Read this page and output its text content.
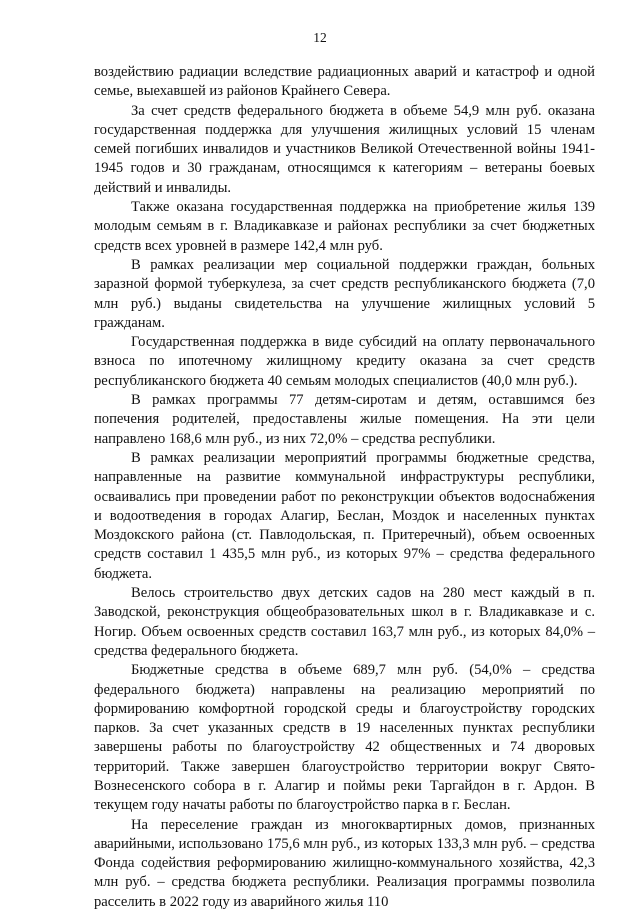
12

воздействию радиации вследствие радиационных аварий и катастроф и одной семье, выехавшей из районов Крайнего Севера.

За счет средств федерального бюджета в объеме 54,9 млн руб. оказана государственная поддержка для улучшения жилищных условий 15 членам семей погибших инвалидов и участников Великой Отечественной войны 1941-1945 годов и 30 гражданам, относящимся к категориям – ветераны боевых действий и инвалиды.

Также оказана государственная поддержка на приобретение жилья 139 молодым семьям в г. Владикавказе и районах республики за счет бюджетных средств всех уровней в размере 142,4 млн руб.

В рамках реализации мер социальной поддержки граждан, больных заразной формой туберкулеза, за счет средств республиканского бюджета (7,0 млн руб.) выданы свидетельства на улучшение жилищных условий 5 гражданам.

Государственная поддержка в виде субсидий на оплату первоначального взноса по ипотечному жилищному кредиту оказана за счет средств республиканского бюджета 40 семьям молодых специалистов (40,0 млн руб.).

В рамках программы 77 детям-сиротам и детям, оставшимся без попечения родителей, предоставлены жилые помещения. На эти цели направлено 168,6 млн руб., из них 72,0% – средства республики.

В рамках реализации мероприятий программы бюджетные средства, направленные на развитие коммунальной инфраструктуры республики, осваивались при проведении работ по реконструкции объектов водоснабжения и водоотведения в городах Алагир, Беслан, Моздок и населенных пунктах Моздокского района (ст. Павлодольская, п. Притеречный), объем освоенных средств составил 1 435,5 млн руб., из которых 97% – средства федерального бюджета.

Велось строительство двух детских садов на 280 мест каждый в п. Заводской, реконструкция общеобразовательных школ в г. Владикавказе и с. Ногир. Объем освоенных средств составил 163,7 млн руб., из которых 84,0% – средства федерального бюджета.

Бюджетные средства в объеме 689,7 млн руб. (54,0% – средства федерального бюджета) направлены на реализацию мероприятий по формированию комфортной городской среды и благоустройству городских парков. За счет указанных средств в 19 населенных пунктах республики завершены работы по благоустройству 42 общественных и 74 дворовых территорий. Также завершен благоустройство территории вокруг Свято-Вознесенского собора в г. Алагир и поймы реки Таргайдон в г. Ардон. В текущем году начаты работы по благоустройство парка в г. Беслан.

На переселение граждан из многоквартирных домов, признанных аварийными, использовано 175,6 млн руб., из которых 133,3 млн руб. – средства Фонда содействия реформированию жилищно-коммунального хозяйства, 42,3 млн руб. – средства бюджета республики. Реализация программы позволила расселить в 2022 году из аварийного жилья 110
